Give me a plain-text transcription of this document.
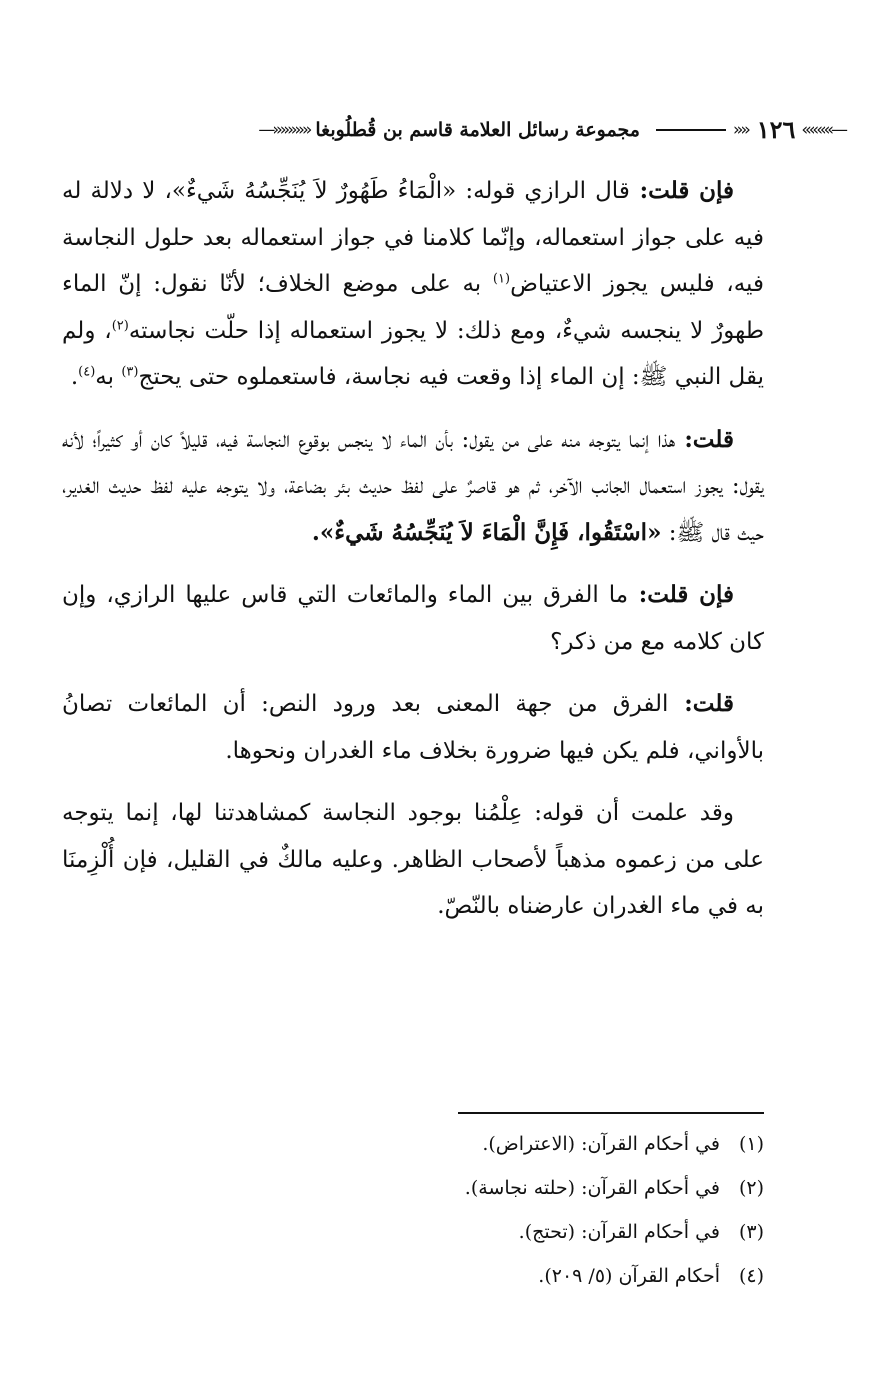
—»»»»
١٢٦
»»
مجموعة رسائل العلامة قاسم بن قُطلُوبغا
«««««—

فإن قلت: قال الرازي قوله: «الْمَاءُ طَهُورٌ لاَ يُنَجِّسُهُ شَيءٌ»، لا دلالة له فيه على جواز استعماله، وإنّما كلامنا في جواز استعماله بعد حلول النجاسة فيه، فليس يجوز الاعتياض$^{(١)}$ به على موضع الخلاف؛ لأنّا نقول: إنّ الماء طهورٌ لا ينجسه شيءٌ، ومع ذلك: لا يجوز استعماله إذا حلّت نجاسته$^{(٢)}$، ولم يقل النبي ﷺ: إن الماء إذا وقعت فيه نجاسة، فاستعملوه حتى يحتج$^{(٣)}$ به$^{(٤)}$.

قلت: هذا إنما يتوجه منه على من يقول: بأن الماء لا ينجس بوقوع النجاسة فيه، قليلاً كان أو كثيراً؛ لأنه يقول: يجوز استعمال الجانب الآخر، ثم هو قاصرٌ على لفظ حديث بئر بضاعة، ولا يتوجه عليه لفظ حديث الغدير، حيث قال ﷺ: «اسْتَقُوا، فَإِنَّ الْمَاءَ لاَ يُنَجِّسُهُ شَيءٌ».

فإن قلت: ما الفرق بين الماء والمائعات التي قاس عليها الرازي، وإن كان كلامه مع من ذكر؟

قلت: الفرق من جهة المعنى بعد ورود النص: أن المائعات تصانُ بالأواني، فلم يكن فيها ضرورة بخلاف ماء الغدران ونحوها.

وقد علمت أن قوله: عِلْمُنا بوجود النجاسة كمشاهدتنا لها، إنما يتوجه على من زعموه مذهباً لأصحاب الظاهر. وعليه مالكٌ في القليل، فإن أُلْزِمنَا به في ماء الغدران عارضناه بالنّصّ.

(١)
في أحكام القرآن: (الاعتراض).
(٢)
في أحكام القرآن: (حلته نجاسة).
(٣)
في أحكام القرآن: (تحتج).
(٤)
أحكام القرآن (٥/ ٢٠٩).
